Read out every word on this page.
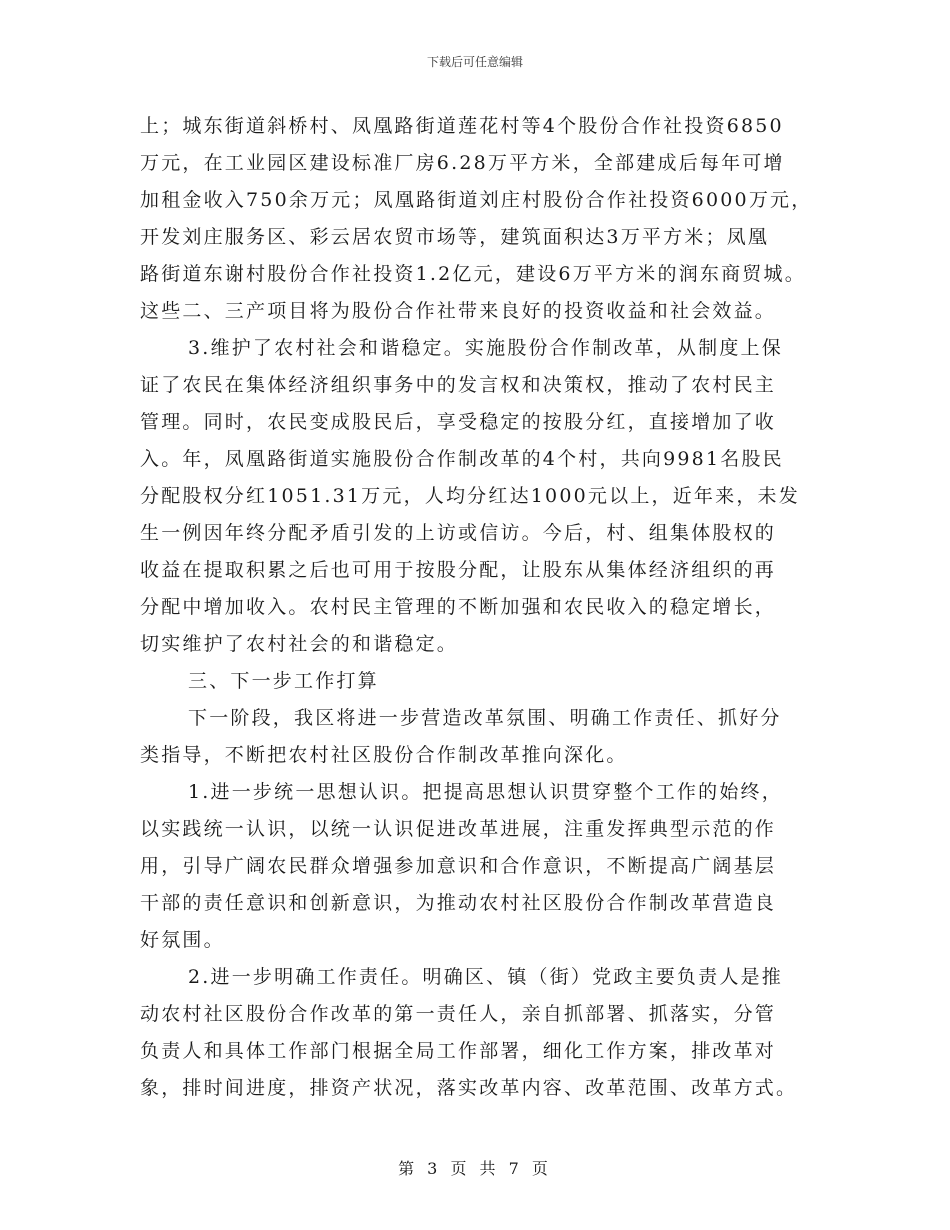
下载后可任意编辑
上；城东街道斜桥村、凤凰路街道莲花村等4个股份合作社投资6850
万元，在工业园区建设标准厂房6.28万平方米，全部建成后每年可增
加租金收入750余万元；凤凰路街道刘庄村股份合作社投资6000万元，
开发刘庄服务区、彩云居农贸市场等，建筑面积达3万平方米；凤凰
路街道东谢村股份合作社投资1.2亿元，建设6万平方米的润东商贸城。
这些二、三产项目将为股份合作社带来良好的投资收益和社会效益。
3.维护了农村社会和谐稳定。实施股份合作制改革，从制度上保
证了农民在集体经济组织事务中的发言权和决策权，推动了农村民主
管理。同时，农民变成股民后，享受稳定的按股分红，直接增加了收
入。年，凤凰路街道实施股份合作制改革的4个村，共向9981名股民
分配股权分红1051.31万元，人均分红达1000元以上，近年来，未发
生一例因年终分配矛盾引发的上访或信访。今后，村、组集体股权的
收益在提取积累之后也可用于按股分配，让股东从集体经济组织的再
分配中增加收入。农村民主管理的不断加强和农民收入的稳定增长，
切实维护了农村社会的和谐稳定。
三、下一步工作打算
下一阶段，我区将进一步营造改革氛围、明确工作责任、抓好分
类指导，不断把农村社区股份合作制改革推向深化。
1.进一步统一思想认识。把提高思想认识贯穿整个工作的始终，
以实践统一认识，以统一认识促进改革进展，注重发挥典型示范的作
用，引导广阔农民群众增强参加意识和合作意识，不断提高广阔基层
干部的责任意识和创新意识，为推动农村社区股份合作制改革营造良
好氛围。
2.进一步明确工作责任。明确区、镇（街）党政主要负责人是推
动农村社区股份合作改革的第一责任人，亲自抓部署、抓落实，分管
负责人和具体工作部门根据全局工作部署，细化工作方案，排改革对
象，排时间进度，排资产状况，落实改革内容、改革范围、改革方式。
第 3 页 共 7 页
